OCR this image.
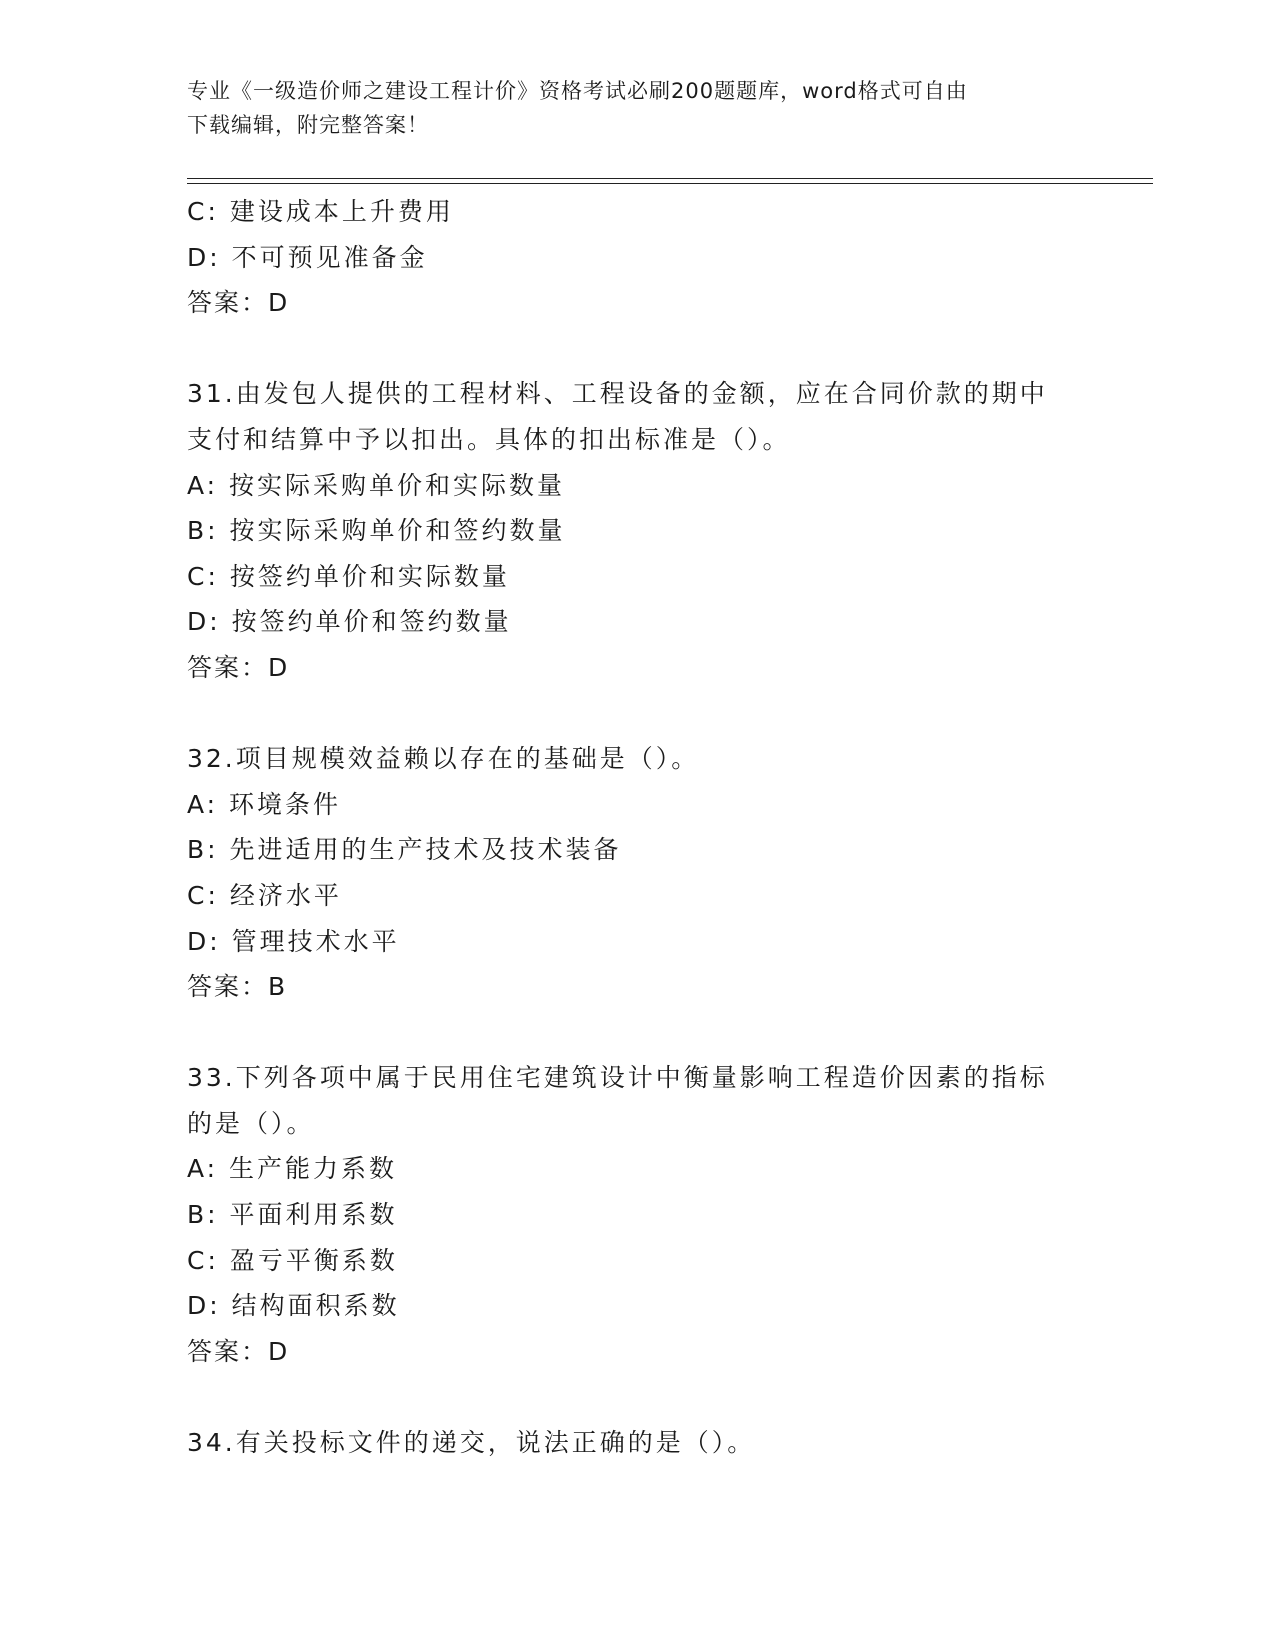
专业《一级造价师之建设工程计价》资格考试必刷200题题库，word格式可自由
下载编辑，附完整答案！
C: 建设成本上升费用
D: 不可预见准备金
答案：D
31.由发包人提供的工程材料、工程设备的金额，应在合同价款的期中
支付和结算中予以扣出。具体的扣出标准是（）。
A: 按实际采购单价和实际数量
B: 按实际采购单价和签约数量
C: 按签约单价和实际数量
D: 按签约单价和签约数量
答案：D
32.项目规模效益赖以存在的基础是（）。
A: 环境条件
B: 先进适用的生产技术及技术装备
C: 经济水平
D: 管理技术水平
答案：B
33.下列各项中属于民用住宅建筑设计中衡量影响工程造价因素的指标
的是（）。
A: 生产能力系数
B: 平面利用系数
C: 盈亏平衡系数
D: 结构面积系数
答案：D
34.有关投标文件的递交，说法正确的是（）。
